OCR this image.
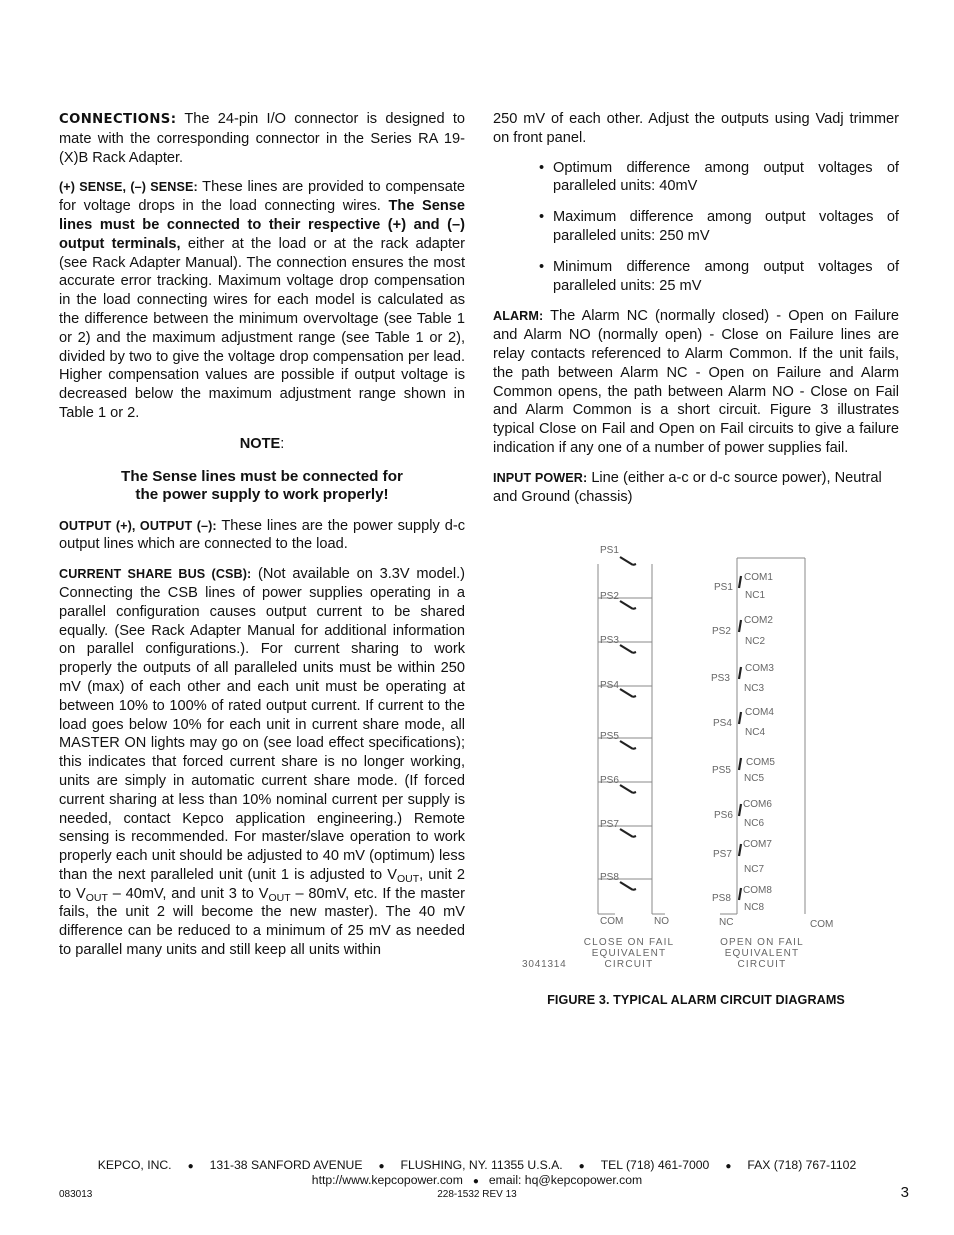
CONNECTIONS: The 24-pin I/O connector is designed to mate with the corresponding connector in the Series RA 19-(X)B Rack Adapter.

(+) SENSE, (–) SENSE: These lines are provided to compensate for voltage drops in the load connecting wires. The Sense lines must be connected to their respective (+) and (–) output terminals, either at the load or at the rack adapter (see Rack Adapter Manual). The connection ensures the most accurate error tracking. Maximum voltage drop compensation in the load connecting wires for each model is calculated as the difference between the minimum overvoltage (see Table 1 or 2) and the maximum adjustment range (see Table 1 or 2), divided by two to give the voltage drop compensation per lead. Higher compensation values are possible if output voltage is decreased below the maximum adjustment range shown in Table 1 or 2.

NOTE:
The Sense lines must be connected for
the power supply to work properly!

OUTPUT (+), OUTPUT (–): These lines are the power supply d-c output lines which are connected to the load.

CURRENT SHARE BUS (CSB): (Not available on 3.3V model.) Connecting the CSB lines of power supplies operating in a parallel configuration causes output current to be shared equally. (See Rack Adapter Manual for additional information on parallel configurations.). For current sharing to work properly the outputs of all paralleled units must be within 250 mV (max) of each other and each unit must be operating at between 10% to 100% of rated output current. If current to the load goes below 10% for each unit in current share mode, all MASTER ON lights may go on (see load effect specifications); this indicates that forced current share is no longer working, units are simply in automatic current share mode. (If forced current sharing at less than 10% nominal current per supply is needed, contact Kepco application engineering.) Remote sensing is recommended. For master/slave operation to work properly each unit should be adjusted to 40 mV (optimum) less than the next paralleled unit (unit 1 is adjusted to $V_{OUT}$, unit 2 to $V_{OUT} - 40mV$, and unit 3 to $V_{OUT} - 80mV$, etc. If the master fails, the unit 2 will become the new master). The 40 mV difference can be reduced to a minimum of 25 mV as needed to parallel many units and still keep all units within

250 mV of each other. Adjust the outputs using Vadj trimmer on front panel.

• Optimum difference among output voltages of paralleled units: 40mV
• Maximum difference among output voltages of paralleled units: 250 mV
• Minimum difference among output voltages of paralleled units: 25 mV

ALARM: The Alarm NC (normally closed) - Open on Failure and Alarm NO (normally open) - Close on Failure lines are relay contacts referenced to Alarm Common. If the unit fails, the path between Alarm NC - Open on Failure and Alarm Common opens, the path between Alarm NO - Close on Fail and Alarm Common is a short circuit. Figure 3 illustrates typical Close on Fail and Open on Fail circuits to give a failure indication if any one of a number of power supplies fail.

INPUT POWER: Line (either a-c or d-c source power), Neutral and Ground (chassis)

PS1
PS2
PS3
PS4
PS5
PS6
PS7
PS8
COM	NO
PS1
PS2
PS3
PS4
PS5
PS6
PS7
PS8
COM1
COM2
COM3
COM4
COM5
COM6
COM7
COM8
NC1
NC2
NC3
NC4
NC5
NC6
NC7
NC8
NC	COM
CLOSE ON FAIL
EQUIVALENT
CIRCUIT
OPEN ON FAIL
EQUIVALENT
CIRCUIT
3041314
FIGURE 3. TYPICAL ALARM CIRCUIT DIAGRAMS
KEPCO, INC. ● 131-38 SANFORD AVENUE ● FLUSHING, NY. 11355 U.S.A. ● TEL (718) 461-7000 ● FAX (718) 767-1102
http://www.kepcopower.com ● email: hq@kepcopower.com
083013	228-1532 REV 13	3
